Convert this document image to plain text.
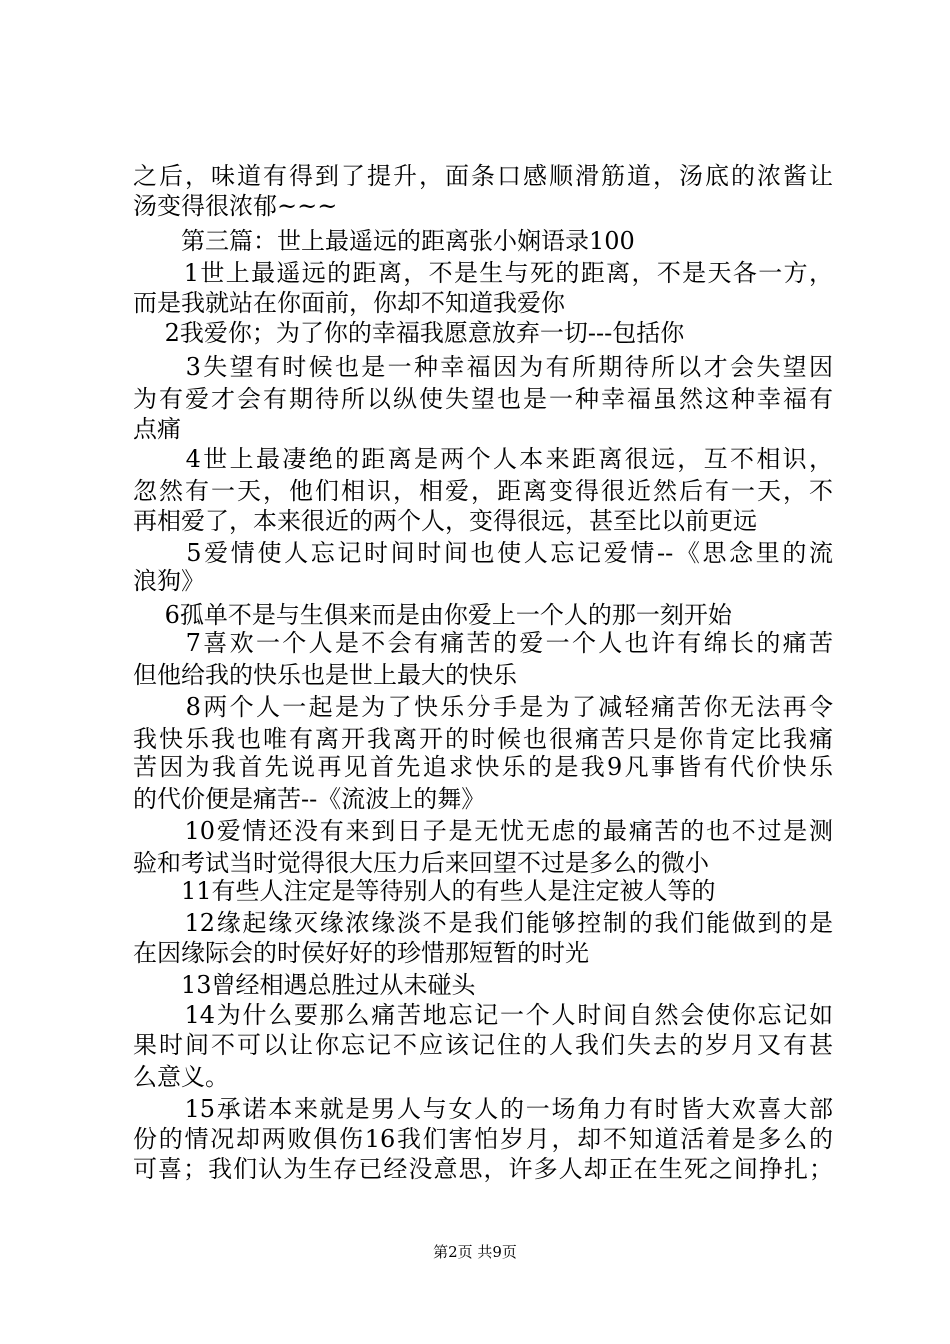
之后，味道有得到了提升，面条口感顺滑筋道，汤底的浓酱让
汤变得很浓郁~~~
　　第三篇：世上最遥远的距离张小娴语录100
　　1世上最遥远的距离，不是生与死的距离，不是天各一方，
而是我就站在你面前，你却不知道我爱你
　 2我爱你；为了你的幸福我愿意放弃一切---包括你
　　3失望有时候也是一种幸福因为有所期待所以才会失望因
为有爱才会有期待所以纵使失望也是一种幸福虽然这种幸福有
点痛
　　4世上最凄绝的距离是两个人本来距离很远，互不相识，
忽然有一天，他们相识，相爱，距离变得很近然后有一天，不
再相爱了，本来很近的两个人，变得很远，甚至比以前更远
　　5爱情使人忘记时间时间也使人忘记爱情--《思念里的流
浪狗》
　 6孤单不是与生俱来而是由你爱上一个人的那一刻开始
　　7喜欢一个人是不会有痛苦的爱一个人也许有绵长的痛苦
但他给我的快乐也是世上最大的快乐
　　8两个人一起是为了快乐分手是为了减轻痛苦你无法再令
我快乐我也唯有离开我离开的时候也很痛苦只是你肯定比我痛
苦因为我首先说再见首先追求快乐的是我9凡事皆有代价快乐
的代价便是痛苦--《流波上的舞》
　　10爱情还没有来到日子是无忧无虑的最痛苦的也不过是测
验和考试当时觉得很大压力后来回望不过是多么的微小
　　11有些人注定是等待别人的有些人是注定被人等的
　　12缘起缘灭缘浓缘淡不是我们能够控制的我们能做到的是
在因缘际会的时侯好好的珍惜那短暂的时光
　　13曾经相遇总胜过从未碰头
　　14为什么要那么痛苦地忘记一个人时间自然会使你忘记如
果时间不可以让你忘记不应该记住的人我们失去的岁月又有甚
么意义。
　　15承诺本来就是男人与女人的一场角力有时皆大欢喜大部
份的情况却两败俱伤16我们害怕岁月，却不知道活着是多么的
可喜；我们认为生存已经没意思，许多人却正在生死之间挣扎；
第2页 共9页
